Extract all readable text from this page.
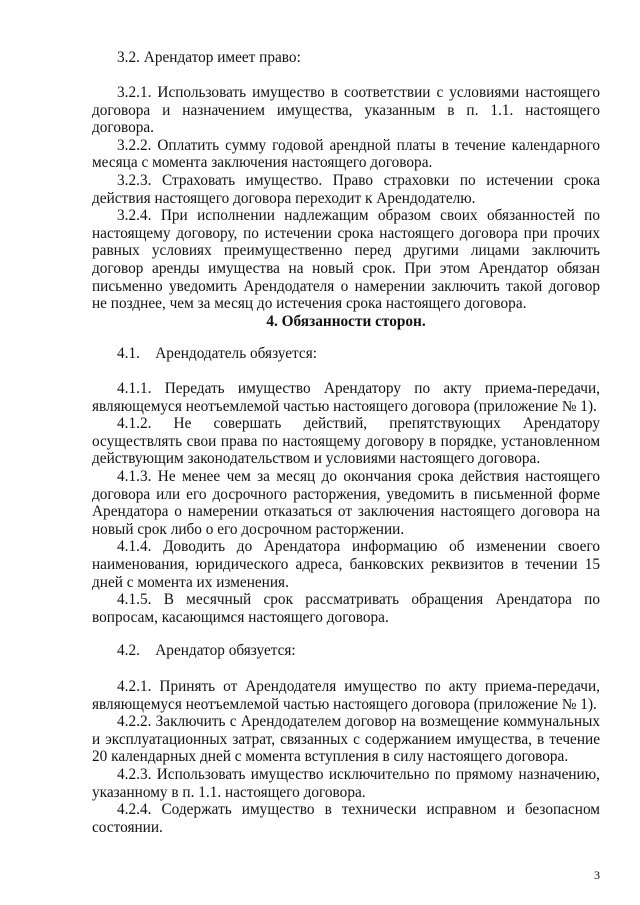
3.2. Арендатор имеет право:

3.2.1. Использовать имущество в соответствии с условиями настоящего договора и назначением имущества, указанным в п. 1.1. настоящего договора.

3.2.2. Оплатить сумму годовой арендной платы в течение календарного месяца с момента заключения настоящего договора.

3.2.3. Страховать имущество. Право страховки по истечении срока действия настоящего договора переходит к Арендодателю.

3.2.4. При исполнении надлежащим образом своих обязанностей по настоящему договору, по истечении срока настоящего договора при прочих равных условиях преимущественно перед другими лицами заключить договор аренды имущества на новый срок. При этом Арендатор обязан письменно уведомить Арендодателя о намерении заключить такой договор не позднее, чем за месяц до истечения срока настоящего договора.

4. Обязанности сторон.
4.1.    Арендодатель обязуется:

4.1.1. Передать имущество Арендатору по акту приема-передачи, являющемуся неотъемлемой частью настоящего договора (приложение № 1).

4.1.2. Не совершать действий, препятствующих Арендатору осуществлять свои права по настоящему договору в порядке, установленном действующим законодательством и условиями настоящего договора.

4.1.3. Не менее чем за месяц до окончания срока действия настоящего договора или его досрочного расторжения, уведомить в письменной форме Арендатора о намерении отказаться от заключения настоящего договора на новый срок либо о его досрочном расторжении.

4.1.4. Доводить до Арендатора информацию об изменении своего наименования, юридического адреса, банковских реквизитов в течении 15 дней с момента их изменения.

4.1.5. В месячный срок рассматривать обращения Арендатора по вопросам, касающимся настоящего договора.

4.2.    Арендатор обязуется:

4.2.1. Принять от Арендодателя имущество по акту приема-передачи, являющемуся неотъемлемой частью настоящего договора (приложение № 1).

4.2.2. Заключить с Арендодателем договор на возмещение коммунальных и эксплуатационных затрат, связанных с содержанием имущества, в течение 20 календарных дней с момента вступления в силу настоящего договора.

4.2.3. Использовать имущество исключительно по прямому назначению, указанному в п. 1.1. настоящего договора.

4.2.4. Содержать имущество в технически исправном и безопасном состоянии.

3
